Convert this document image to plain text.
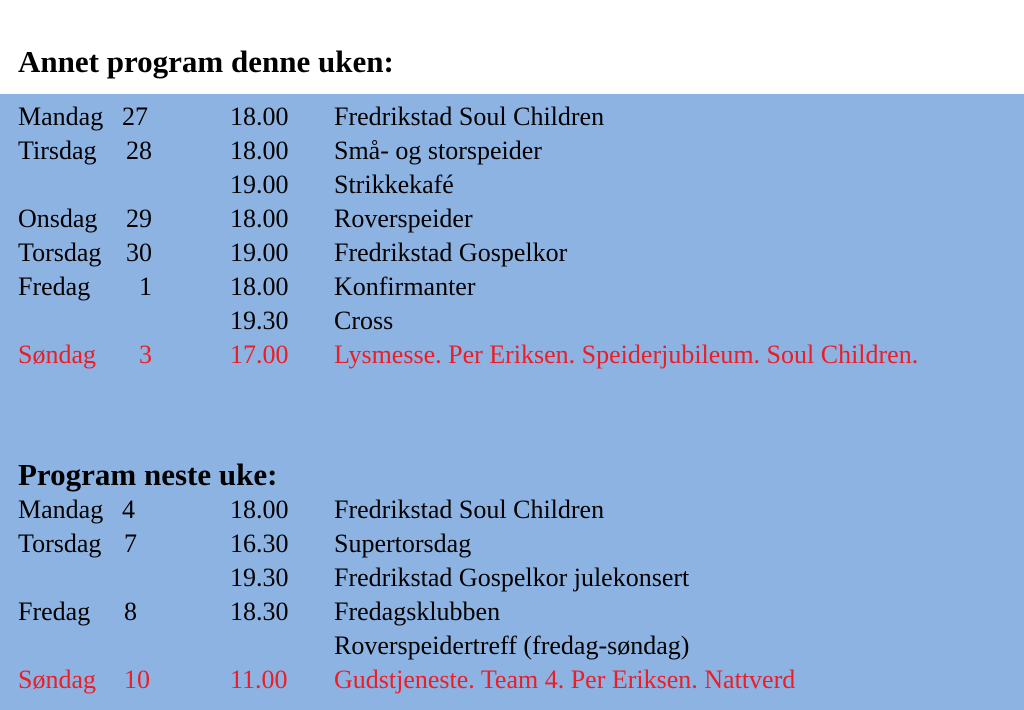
Annet program denne uken:
Mandag 27	18.00 Fredrikstad Soul Children
Tirsdag 28	18.00 Små- og storspeider
19.00 Strikkekafé
Onsdag 29	18.00 Roverspeider
Torsdag 30	19.00 Fredrikstad Gospelkor
Fredag	1	18.00 Konfirmanter
19.30 Cross
Søndag	3	17.00 Lysmesse. Per Eriksen. Speiderjubileum. Soul Children.
Program neste uke:
Mandag 4	18.00 Fredrikstad Soul Children
Torsdag 7	16.30 Supertorsdag
19.30 Fredrikstad Gospelkor julekonsert
Fredag 8	18.30 Fredagsklubben
Roverspeidertreff (fredag-søndag)
Søndag 10	11.00 Gudstjeneste. Team 4. Per Eriksen. Nattverd
